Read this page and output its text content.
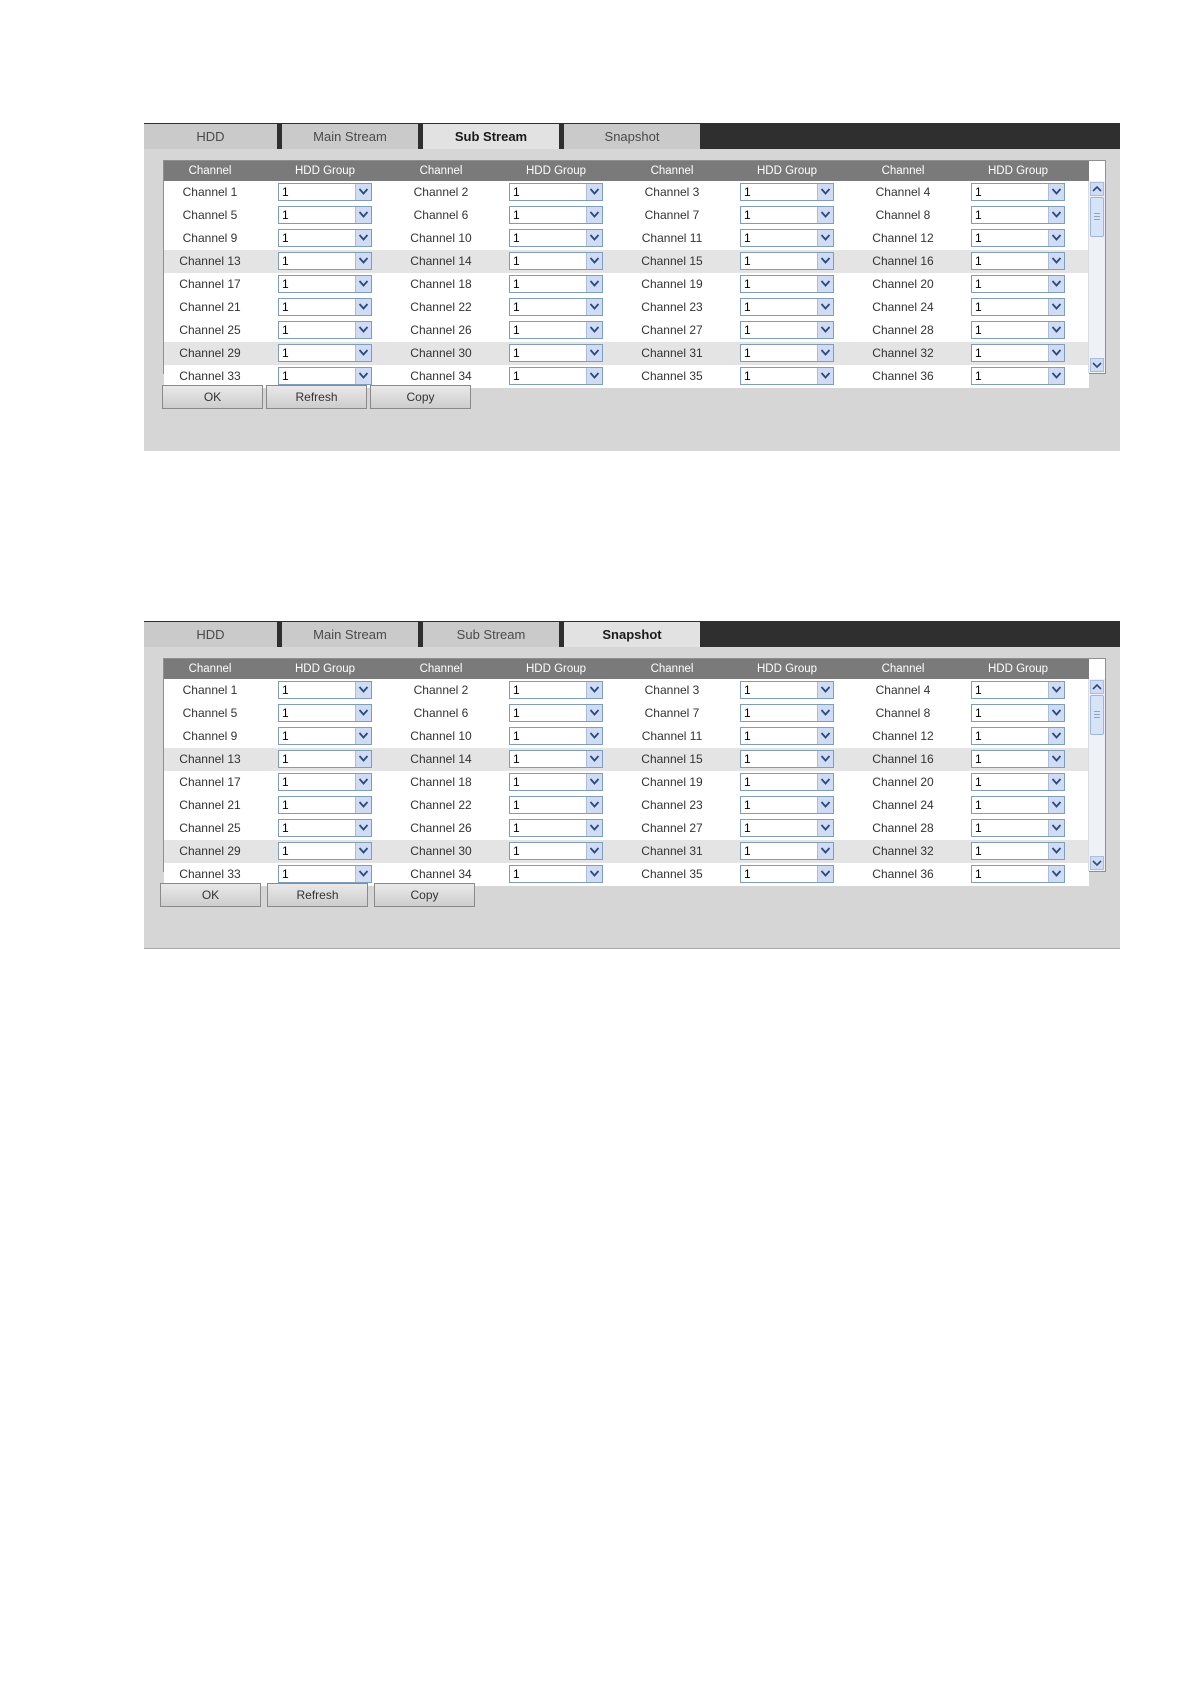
HDD	Main Stream	Sub Stream	Snapshot
Channel	HDD Group	Channel	HDD Group	Channel	HDD Group	Channel	HDD Group
Channel 1	1	Channel 2	1	Channel 3	1	Channel 4	1
Channel 5	1	Channel 6	1	Channel 7	1	Channel 8	1
Channel 9	1	Channel 10	1	Channel 11	1	Channel 12	1
Channel 13	1	Channel 14	1	Channel 15	1	Channel 16	1
Channel 17	1	Channel 18	1	Channel 19	1	Channel 20	1
Channel 21	1	Channel 22	1	Channel 23	1	Channel 24	1
Channel 25	1	Channel 26	1	Channel 27	1	Channel 28	1
Channel 29	1	Channel 30	1	Channel 31	1	Channel 32	1
Channel 33	1	Channel 34	1	Channel 35	1	Channel 36	1
OK	Refresh	Copy
HDD	Main Stream	Sub Stream	Snapshot
Channel	HDD Group	Channel	HDD Group	Channel	HDD Group	Channel	HDD Group
Channel 1	1	Channel 2	1	Channel 3	1	Channel 4	1
Channel 5	1	Channel 6	1	Channel 7	1	Channel 8	1
Channel 9	1	Channel 10	1	Channel 11	1	Channel 12	1
Channel 13	1	Channel 14	1	Channel 15	1	Channel 16	1
Channel 17	1	Channel 18	1	Channel 19	1	Channel 20	1
Channel 21	1	Channel 22	1	Channel 23	1	Channel 24	1
Channel 25	1	Channel 26	1	Channel 27	1	Channel 28	1
Channel 29	1	Channel 30	1	Channel 31	1	Channel 32	1
Channel 33	1	Channel 34	1	Channel 35	1	Channel 36	1
OK	Refresh	Copy
